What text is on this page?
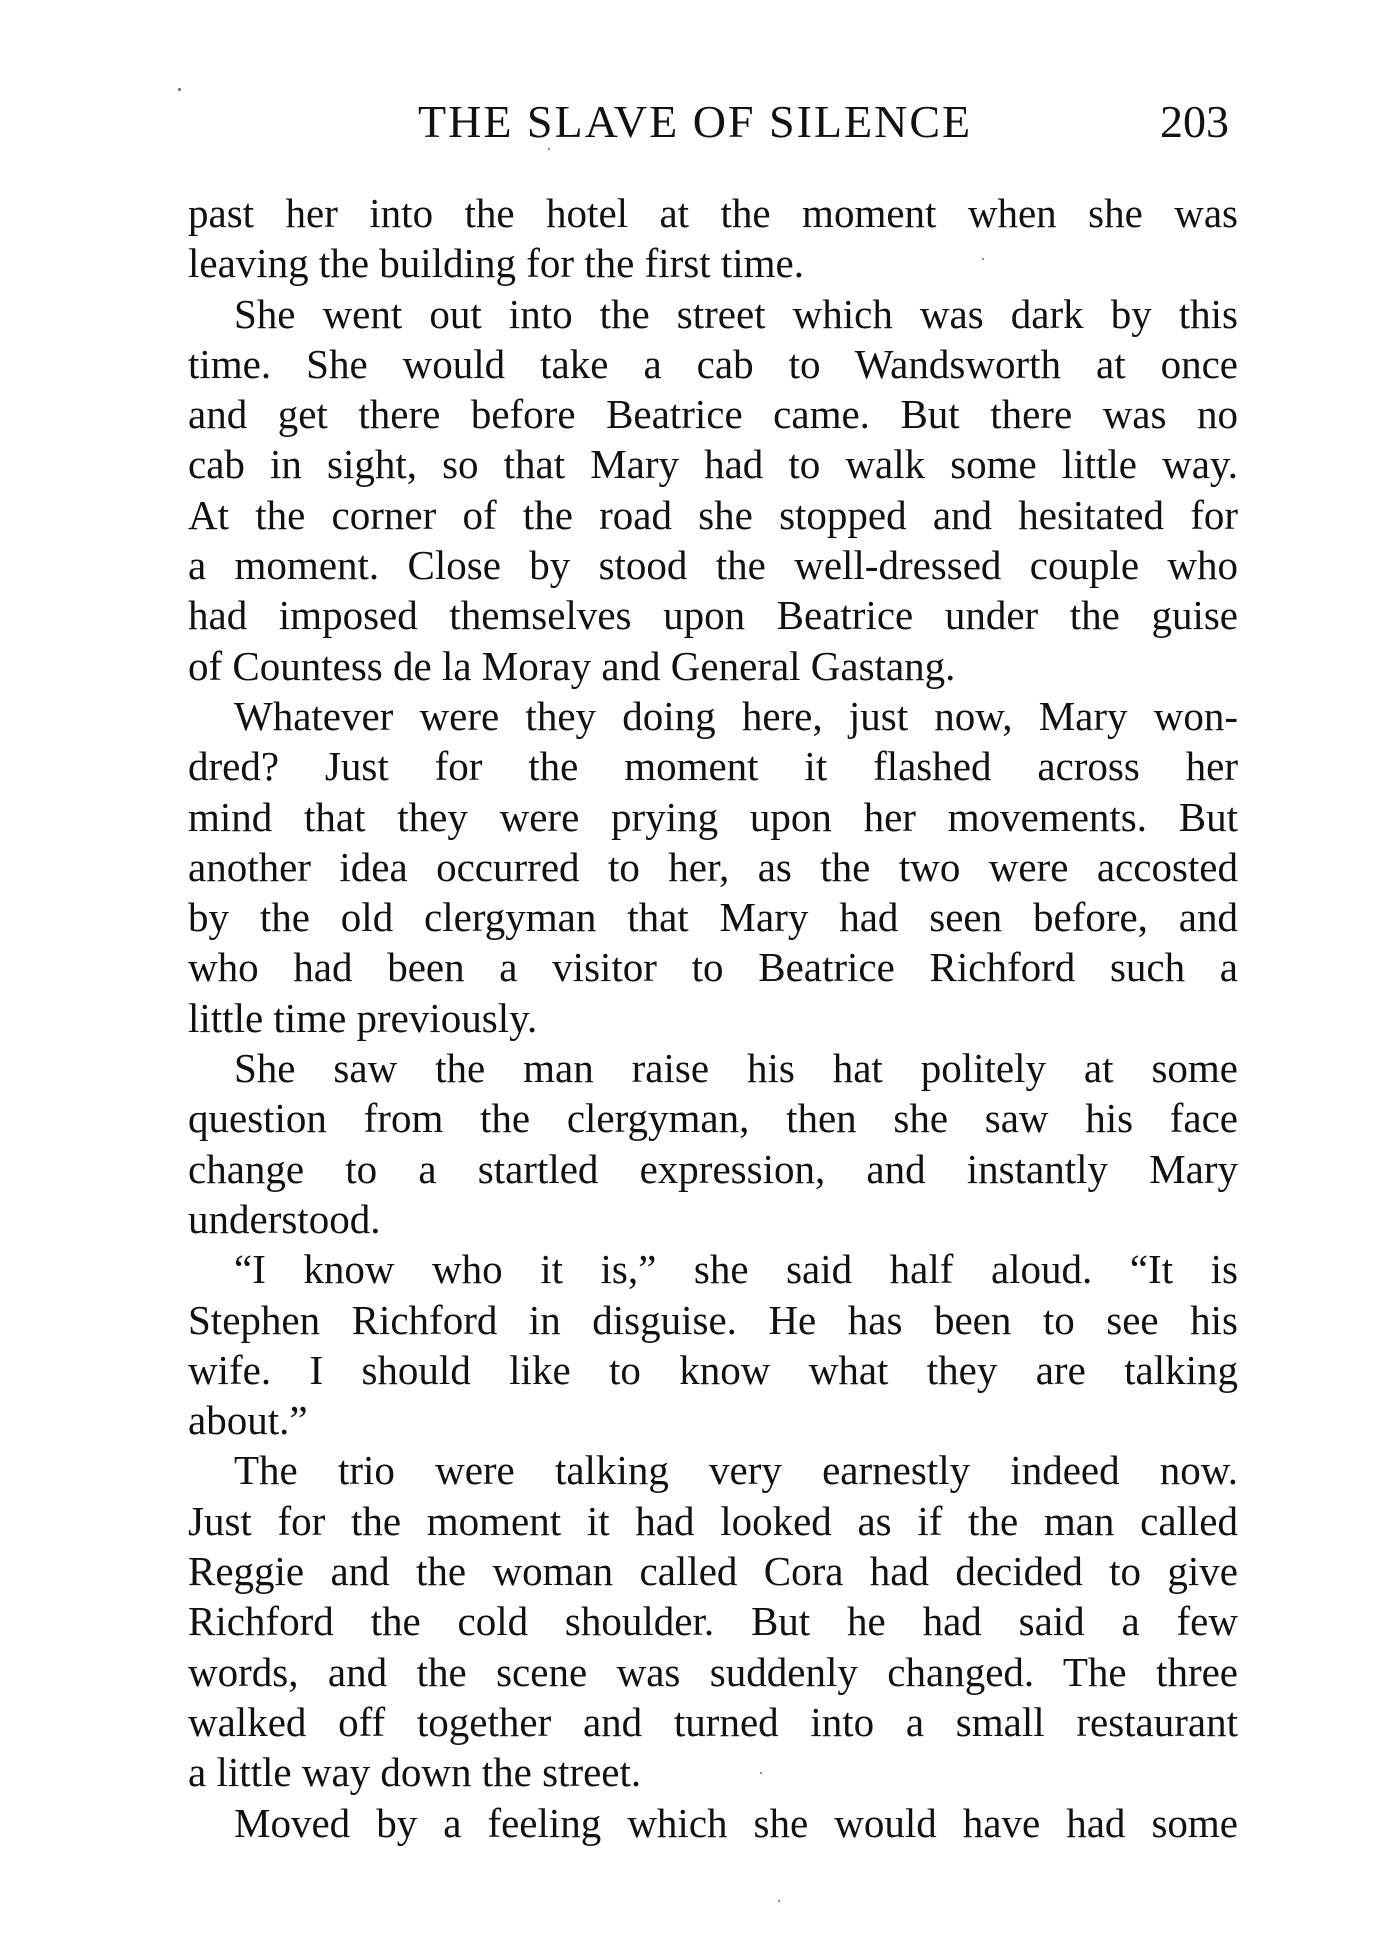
THE SLAVE OF SILENCE	203
past her into the hotel at the moment when she was
leaving the building for the first time.
She went out into the street which was dark by this
time. She would take a cab to Wandsworth at once
and get there before Beatrice came. But there was no
cab in sight, so that Mary had to walk some little way.
At the corner of the road she stopped and hesitated for
a moment. Close by stood the well-dressed couple who
had imposed themselves upon Beatrice under the guise
of Countess de la Moray and General Gastang.
Whatever were they doing here, just now, Mary won-
dred? Just for the moment it flashed across her
mind that they were prying upon her movements. But
another idea occurred to her, as the two were accosted
by the old clergyman that Mary had seen before, and
who had been a visitor to Beatrice Richford such a
little time previously.
She saw the man raise his hat politely at some
question from the clergyman, then she saw his face
change to a startled expression, and instantly Mary
understood.
“I know who it is,” she said half aloud. “It is
Stephen Richford in disguise. He has been to see his
wife. I should like to know what they are talking
about.”
The trio were talking very earnestly indeed now.
Just for the moment it had looked as if the man called
Reggie and the woman called Cora had decided to give
Richford the cold shoulder. But he had said a few
words, and the scene was suddenly changed. The three
walked off together and turned into a small restaurant
a little way down the street.
Moved by a feeling which she would have had some
